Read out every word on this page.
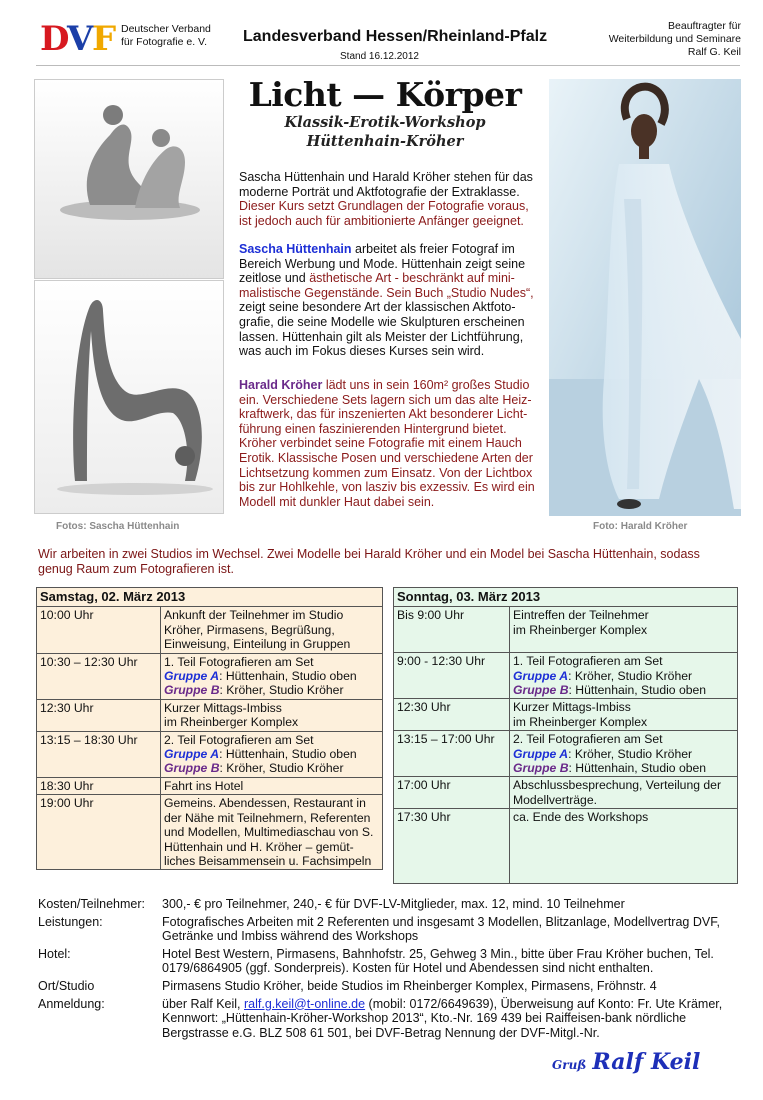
D
V
F Deutscher Verband
für Fotografie e. V. Landesverband Hessen/Rheinland-Pfalz
Stand 16.12.2012
Beauftragter für
Weiterbildung und Seminare
Ralf G. Keil
Fotos: Sascha Hüttenhain	Foto: Harald Kröher
Licht — Körper
Klassik-Erotik-Workshop
Hüttenhain-Kröher
Sascha Hüttenhain und Harald Kröher stehen für das moderne Porträt und Aktfotografie der Extraklasse. Dieser Kurs setzt Grundlagen der Fotografie voraus, ist jedoch auch für ambitionierte Anfänger geeignet.
Sascha Hüttenhain arbeitet als freier Fotograf im Bereich Werbung und Mode. Hüttenhain zeigt seine zeitlose und ästhetische Art - beschränkt auf mini-malistische Gegenstände. Sein Buch „Studio Nudes“, zeigt seine besondere Art der klassischen Aktfoto-grafie, die seine Modelle wie Skulpturen erscheinen lassen. Hüttenhain gilt als Meister der Lichtführung, was auch im Fokus dieses Kurses sein wird.
Harald Kröher lädt uns in sein 160m² großes Studio ein. Verschiedene Sets lagern sich um das alte Heiz-kraftwerk, das für inszenierten Akt besonderer Licht-führung einen faszinierenden Hintergrund bietet. Kröher verbindet seine Fotografie mit einem Hauch Erotik. Klassische Posen und verschiedene Arten der Lichtsetzung kommen zum Einsatz. Von der Lichtbox bis zur Hohlkehle, von lasziv bis exzessiv. Es wird ein Modell mit dunkler Haut dabei sein.
Wir arbeiten in zwei Studios im Wechsel. Zwei Modelle bei Harald Kröher und ein Model bei Sascha Hüttenhain, sodass genug Raum zum Fotografieren ist.
Samstag, 02. März 2013	
10:00 Uhr	Ankunft der Teilnehmer im Studio Kröher, Pirmasens, Begrüßung, Einweisung, Einteilung in Gruppen
10:30 – 12:30 Uhr	1. Teil Fotografieren am Set
Gruppe A: Hüttenhain, Studio oben
Gruppe B: Kröher, Studio Kröher

12:30 Uhr	Kurzer Mittags-Imbiss
im Rheinberger Komplex

13:15 – 18:30 Uhr	2. Teil Fotografieren am Set
Gruppe A: Hüttenhain, Studio oben
Gruppe B: Kröher, Studio Kröher

18:30 Uhr	Fahrt ins Hotel
19:00 Uhr	Gemeins. Abendessen, Restaurant in der Nähe mit Teilnehmern, Referenten und Modellen, Multimediaschau von S. Hüttenhain und H. Kröher – gemüt-liches Beisammensein u. Fachsimpeln
Sonntag, 03. März 2013	
Bis 9:00 Uhr	Eintreffen der Teilnehmer
im Rheinberger Komplex

9:00 - 12:30 Uhr	1. Teil Fotografieren am Set
Gruppe A: Kröher, Studio Kröher
Gruppe B: Hüttenhain, Studio oben

12:30 Uhr	Kurzer Mittags-Imbiss
im Rheinberger Komplex

13:15 – 17:00 Uhr	2. Teil Fotografieren am Set
Gruppe A: Kröher, Studio Kröher
Gruppe B: Hüttenhain, Studio oben

17:00 Uhr	Abschlussbesprechung, Verteilung der Modellverträge.
17:30 Uhr	ca. Ende des Workshops
Kosten/Teilnehmer:	300,- € pro Teilnehmer, 240,- € für DVF-LV-Mitglieder, max. 12, mind. 10 Teilnehmer
Leistungen:	Fotografisches Arbeiten mit 2 Referenten und insgesamt 3 Modellen, Blitzanlage, Modellvertrag DVF, Getränke und Imbiss während des Workshops
Hotel:	Hotel Best Western, Pirmasens, Bahnhofstr. 25, Gehweg 3 Min., bitte über Frau Kröher buchen, Tel. 0179/6864905 (ggf. Sonderpreis). Kosten für Hotel und Abendessen sind nicht enthalten.
Ort/Studio	Pirmasens Studio Kröher, beide Studios im Rheinberger Komplex, Pirmasens, Fröhnstr. 4
Anmeldung:	über Ralf Keil, ralf.g.keil@t-online.de (mobil: 0172/6649639), Überweisung auf Konto: Fr. Ute Krämer, Kennwort: „Hüttenhain-Kröher-Workshop 2013“, Kto.-Nr. 169 439 bei Raiffeisen-bank nördliche Bergstrasse e.G. BLZ 508 61 501, bei DVF-Betrag Nennung der DVF-Mitgl.-Nr.
Gruß Ralf Keil
